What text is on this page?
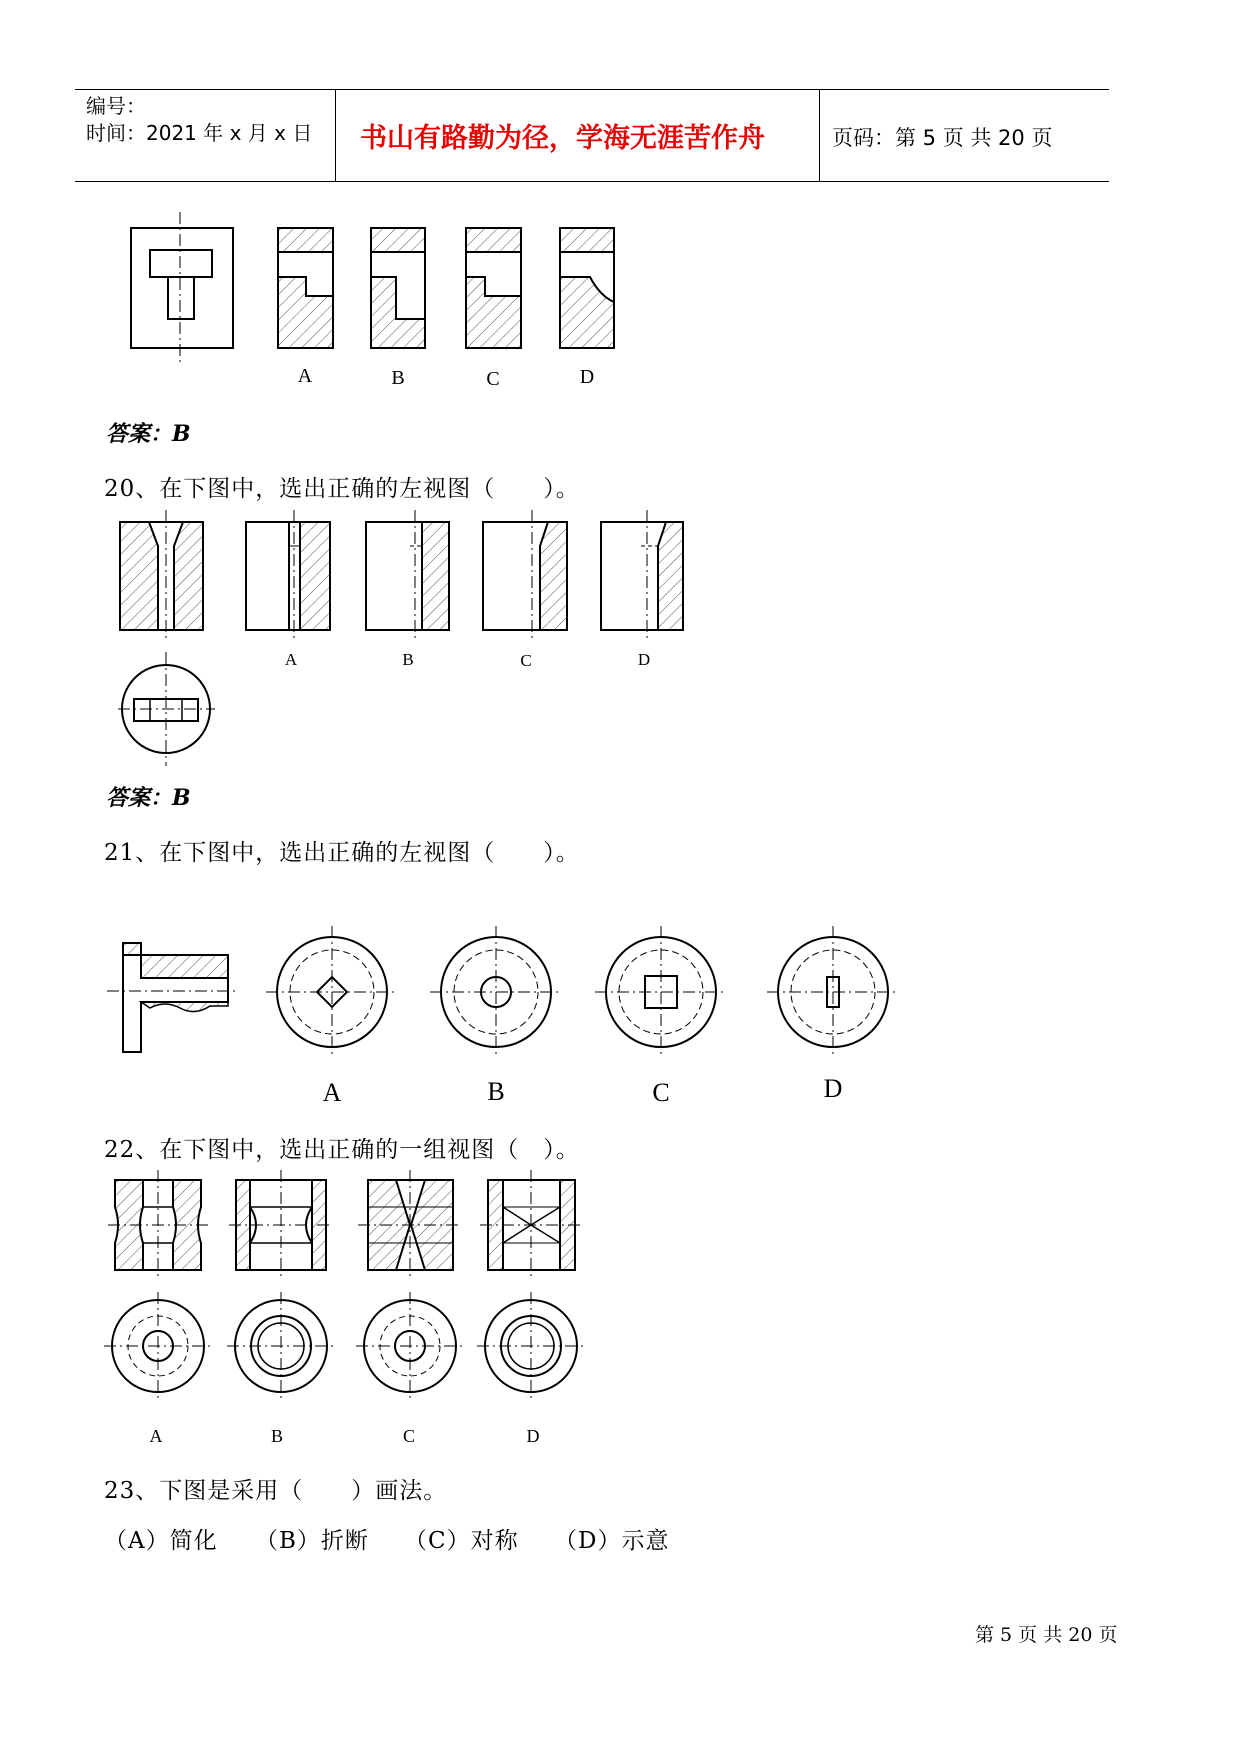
编号：
时间：2021 年 x 月 x 日 书山有路勤为径，学海无涯苦作舟	页码：第 5 页 共 20 页
A	B	C	D
答案：B
20、在下图中，选出正确的左视图（　　）。
A	B	C	D
答案：B
21、在下图中，选出正确的左视图（　　）。
A	B	C	D
22、在下图中，选出正确的一组视图（　）。
A	B	C	D
23、下图是采用（　　）画法。
（A）简化 （B）折断 （C）对称 （D）示意
第 5 页 共 20 页
